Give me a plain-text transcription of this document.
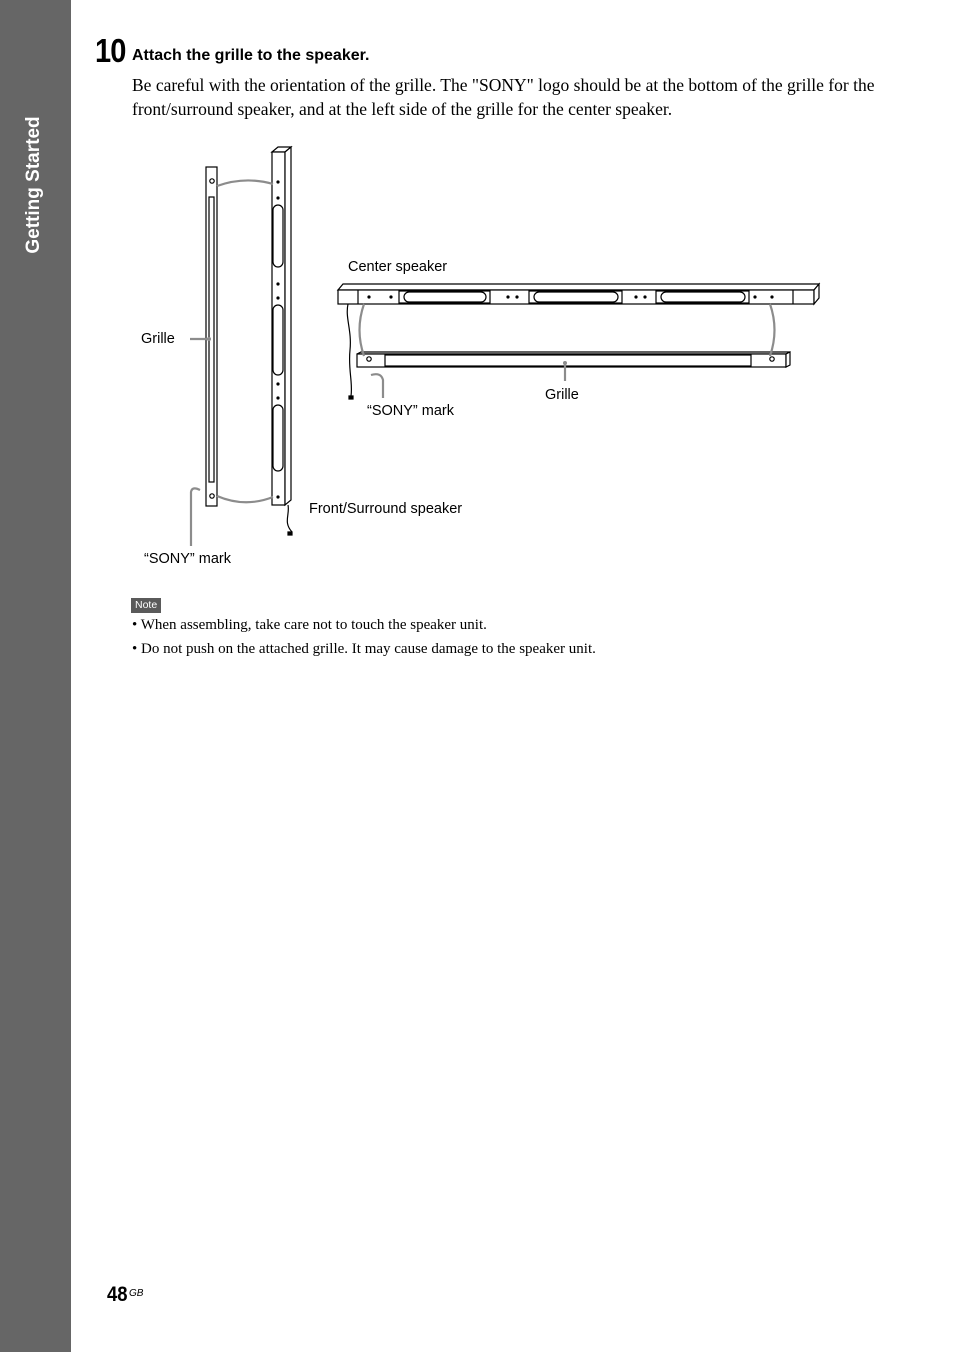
Getting Started
10 Attach the grille to the speaker.
Be careful with the orientation of the grille. The "SONY" logo should be at the bottom of the grille for the front/surround speaker, and at the left side of the grille for the center speaker.
Center speaker
Grille
Grille
“SONY” mark
Front/Surround speaker
“SONY” mark
Note
• When assembling, take care not to touch the speaker unit.
• Do not push on the attached grille. It may cause damage to the speaker unit.
48 GB
